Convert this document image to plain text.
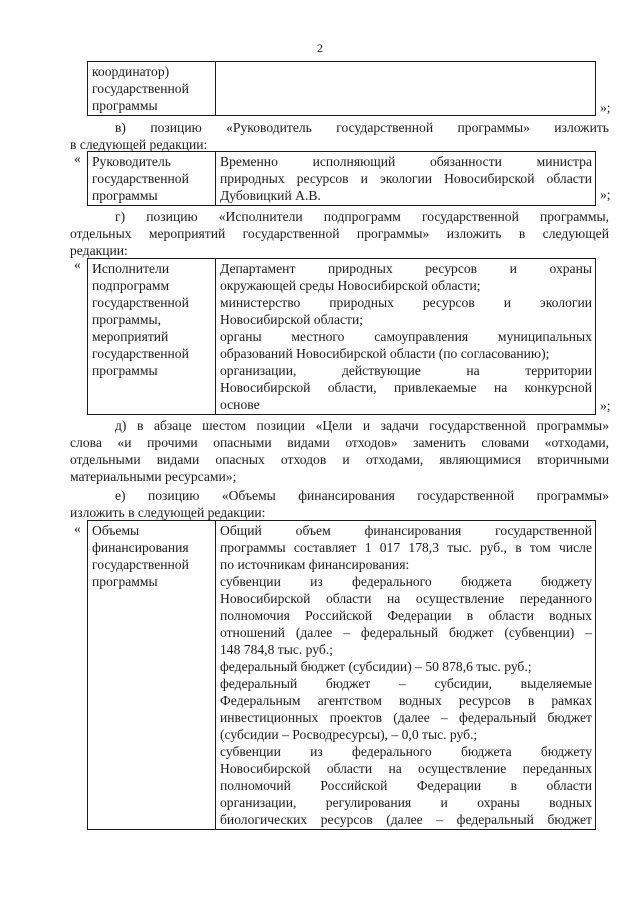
2
координатор)
государственной
программы
		»;
в) позицию «Руководитель государственной программы» изложить
в следующей редакции:
« Руководитель
государственной
программы

Временно исполняющий обязанности министра
природных ресурсов и экологии Новосибирской области
Дубовицкий А.В.	»;
г) позицию «Исполнители подпрограмм государственной программы,
отдельных мероприятий государственной программы» изложить в следующей
редакции:
« Исполнители
подпрограмм
государственной
программы,
мероприятий
государственной
программы

Департамент природных ресурсов и охраны
окружающей среды Новосибирской области;
министерство природных ресурсов и экологии
Новосибирской области;
органы местного самоуправления муниципальных
образований Новосибирской области (по согласованию);
организации, действующие на территории
Новосибирской области, привлекаемые на конкурсной
основе	»;
д) в абзаце шестом позиции «Цели и задачи государственной программы»
слова «и прочими опасными видами отходов» заменить словами «отходами,
отдельными видами опасных отходов и отходами, являющимися вторичными
материальными ресурсами»;
е) позицию «Объемы финансирования государственной программы»
изложить в следующей редакции:
« Объемы
финансирования
государственной
программы

Общий объем финансирования государственной
программы составляет 1 017 178,3 тыс. руб., в том числе
по источникам финансирования:
субвенции из федерального бюджета бюджету
Новосибирской области на осуществление переданного
полномочия Российской Федерации в области водных
отношений (далее – федеральный бюджет (субвенции) –
148 784,8 тыс. руб.;
федеральный бюджет (субсидии) – 50 878,6 тыс. руб.;
федеральный бюджет – субсидии, выделяемые
Федеральным агентством водных ресурсов в рамках
инвестиционных проектов (далее – федеральный бюджет
(субсидии – Росводресурсы), – 0,0 тыс. руб.;
субвенции из федерального бюджета бюджету
Новосибирской области на осуществление переданных
полномочий Российской Федерации в области
организации, регулирования и охраны водных
биологических ресурсов (далее – федеральный бюджет
